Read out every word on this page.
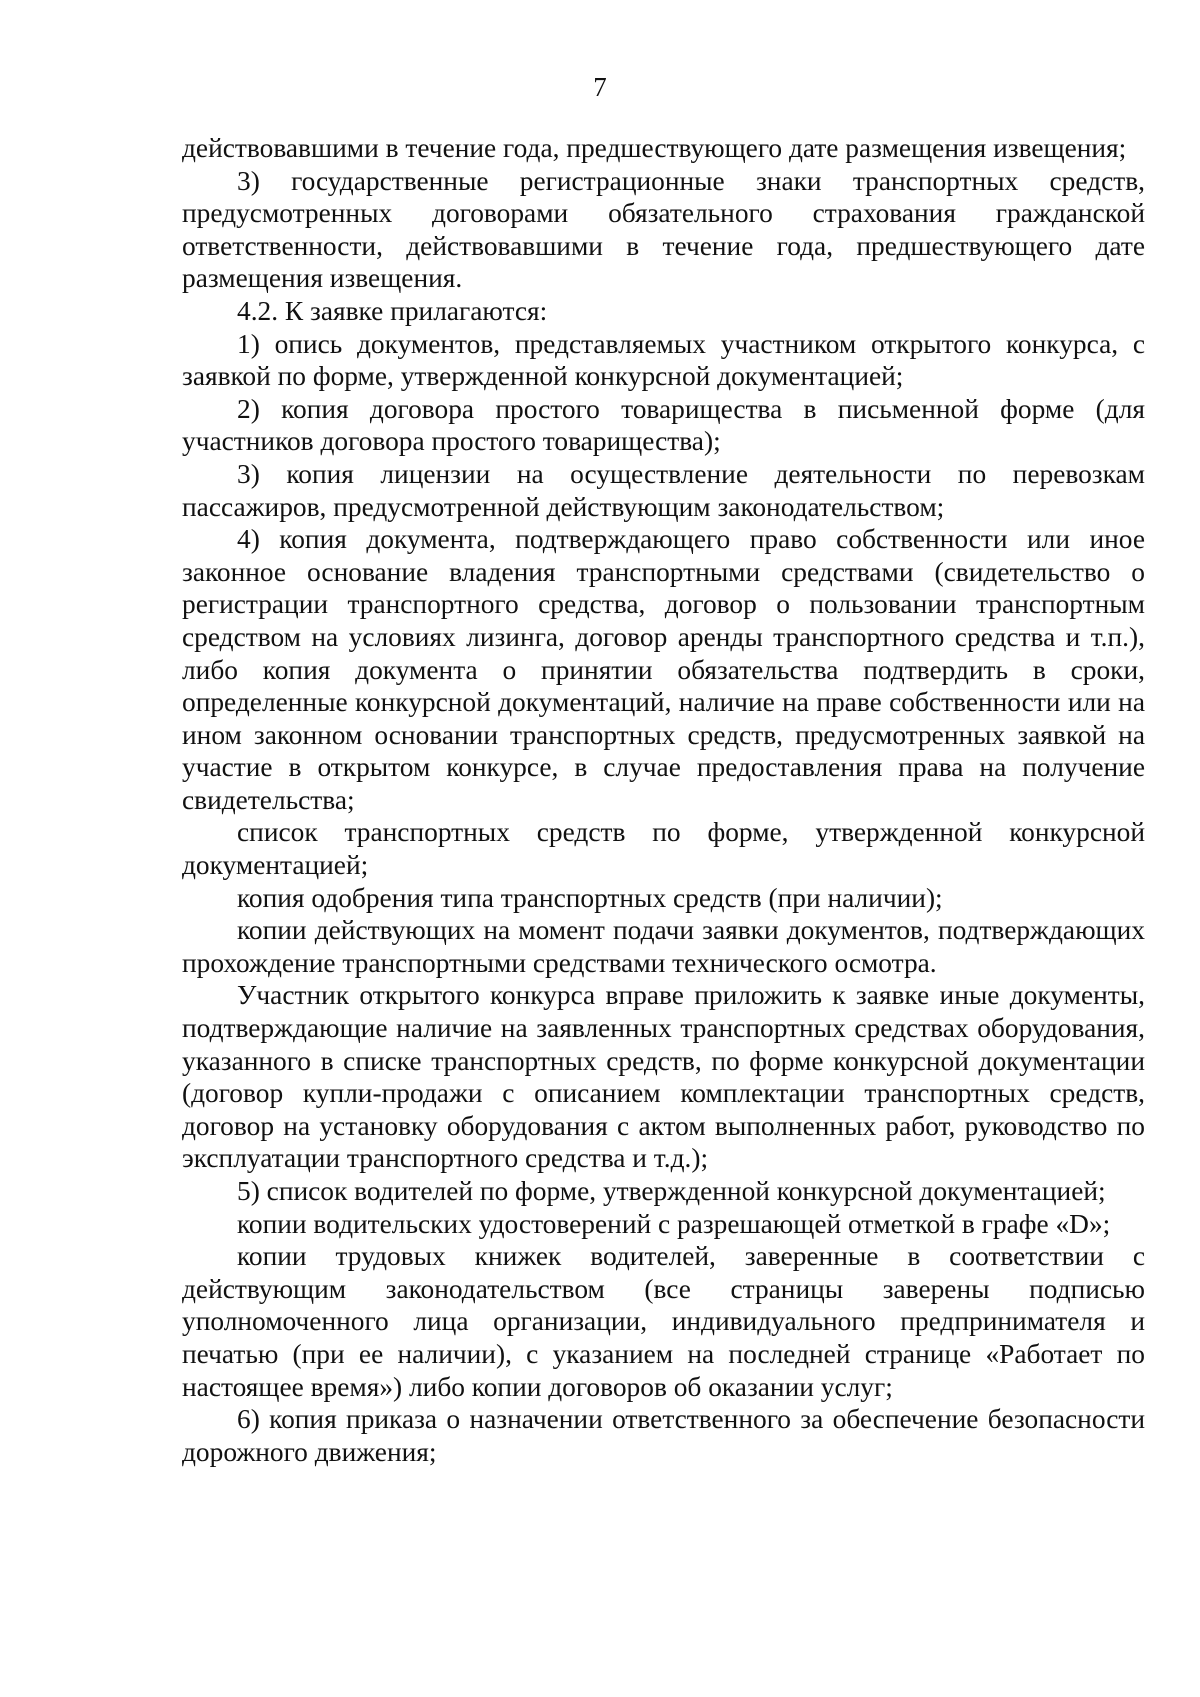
7

действовавшими в течение года, предшествующего дате размещения извещения;

3) государственные регистрационные знаки транспортных средств, предусмотренных договорами обязательного страхования гражданской ответственности, действовавшими в течение года, предшествующего дате размещения извещения.

4.2. К заявке прилагаются:

1) опись документов, представляемых участником открытого конкурса, с заявкой по форме, утвержденной конкурсной документацией;

2) копия договора простого товарищества в письменной форме (для участников договора простого товарищества);

3) копия лицензии на осуществление деятельности по перевозкам пассажиров, предусмотренной действующим законодательством;

4) копия документа, подтверждающего право собственности или иное законное основание владения транспортными средствами (свидетельство о регистрации транспортного средства, договор о пользовании транспортным средством на условиях лизинга, договор аренды транспортного средства и т.п.), либо копия документа о принятии обязательства подтвердить в сроки, определенные конкурсной документаций, наличие на праве собственности или на ином законном основании транспортных средств, предусмотренных заявкой на участие в открытом конкурсе, в случае предоставления права на получение свидетельства;

список транспортных средств по форме, утвержденной конкурсной документацией;

копия одобрения типа транспортных средств (при наличии);

копии действующих на момент подачи заявки документов, подтверждающих прохождение транспортными средствами технического осмотра.

Участник открытого конкурса вправе приложить к заявке иные документы, подтверждающие наличие на заявленных транспортных средствах оборудования, указанного в списке транспортных средств, по форме конкурсной документации (договор купли-продажи с описанием комплектации транспортных средств, договор на установку оборудования с актом выполненных работ, руководство по эксплуатации транспортного средства и т.д.);

5) список водителей по форме, утвержденной конкурсной документацией;

копии водительских удостоверений с разрешающей отметкой в графе «D»;

копии трудовых книжек водителей, заверенные в соответствии с действующим законодательством (все страницы заверены подписью уполномоченного лица организации, индивидуального предпринимателя и печатью (при ее наличии), с указанием на последней странице «Работает по настоящее время») либо копии договоров об оказании услуг;

6) копия приказа о назначении ответственного за обеспечение безопасности дорожного движения;
